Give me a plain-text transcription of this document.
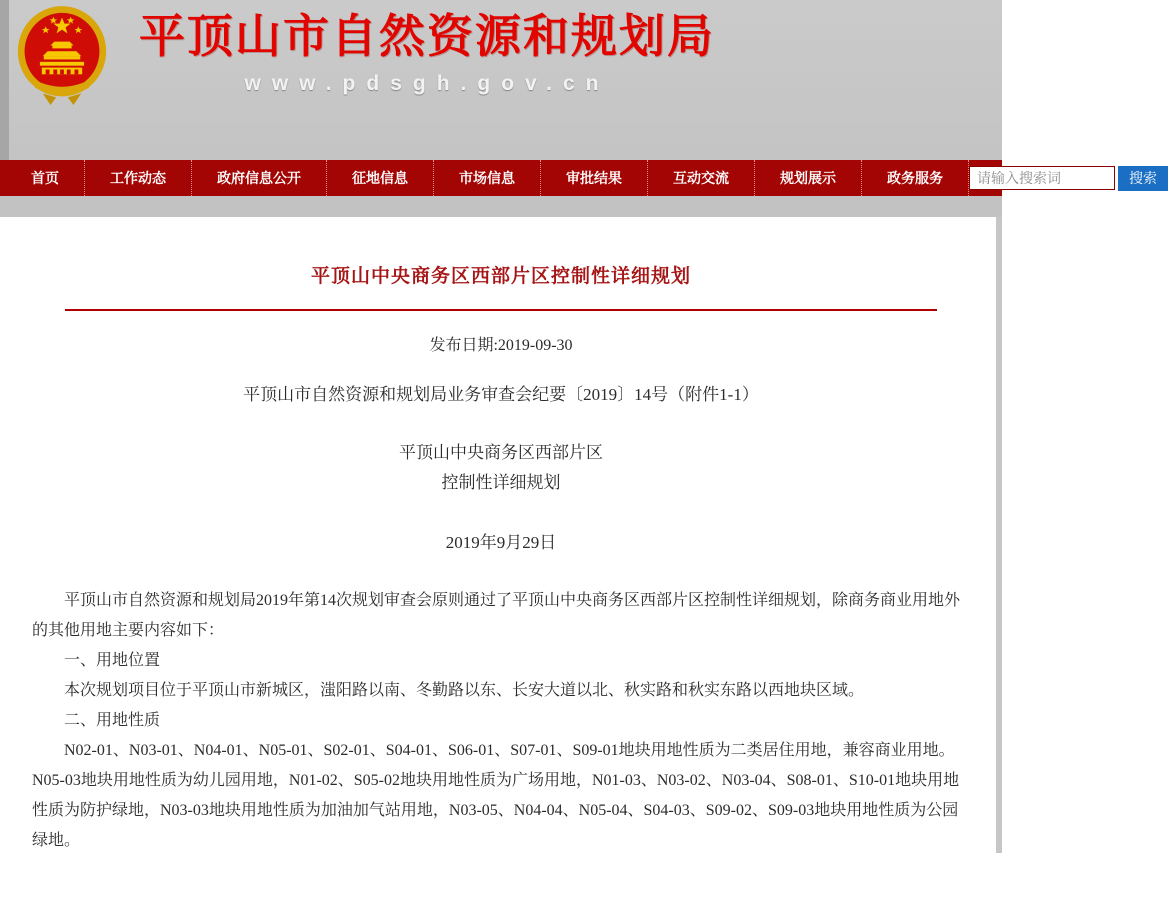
平顶山市自然资源和规划局
www.pdsgh.gov.cn
首页	工作动态	政府信息公开	征地信息	市场信息	审批结果	互动交流	规划展示	政务服务
请输入搜索词	搜索
平顶山中央商务区西部片区控制性详细规划
发布日期:2019-09-30
平顶山市自然资源和规划局业务审查会纪要〔2019〕14号（附件1-1）
平顶山中央商务区西部片区
控制性详细规划
2019年9月29日

平顶山市自然资源和规划局2019年第14次规划审查会原则通过了平顶山中央商务区西部片区控制性详细规划，除商务商业用地外的其他用地主要内容如下：

一、用地位置

本次规划项目位于平顶山市新城区，滍阳路以南、冬勤路以东、长安大道以北、秋实路和秋实东路以西地块区域。

二、用地性质

N02-01、N03-01、N04-01、N05-01、S02-01、S04-01、S06-01、S07-01、S09-01地块用地性质为二类居住用地，兼容商业用地。N05-03地块用地性质为幼儿园用地，N01-02、S05-02地块用地性质为广场用地，N01-03、N03-02、N03-04、S08-01、S10-01地块用地性质为防护绿地，N03-03地块用地性质为加油加气站用地，N03-05、N04-04、N05-04、S04-03、S09-02、S09-03地块用地性质为公园绿地。
